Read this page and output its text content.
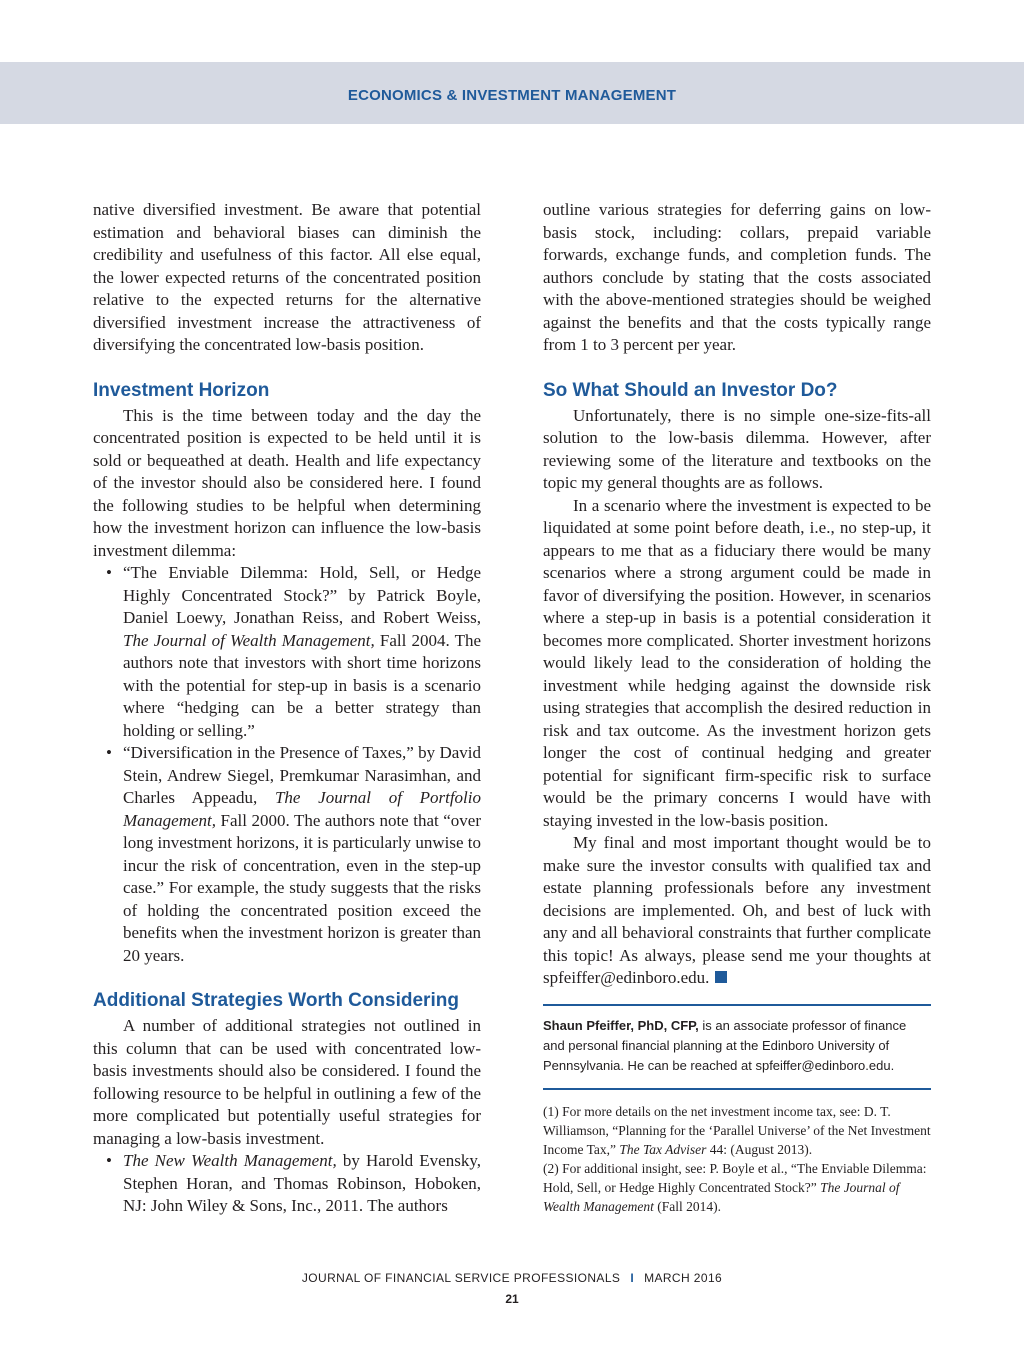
ECONOMICS & INVESTMENT MANAGEMENT

native diversified investment. Be aware that potential estimation and behavioral biases can diminish the credibility and usefulness of this factor. All else equal, the lower expected returns of the concentrated position relative to the expected returns for the alternative diversified investment increase the attractiveness of diversifying the concentrated low-basis position.

Investment Horizon

This is the time between today and the day the concentrated position is expected to be held until it is sold or bequeathed at death. Health and life expectancy of the investor should also be considered here. I found the following studies to be helpful when determining how the investment horizon can influence the low-basis investment dilemma:

• “The Enviable Dilemma: Hold, Sell, or Hedge Highly Concentrated Stock?” by Patrick Boyle, Daniel Loewy, Jonathan Reiss, and Robert Weiss, The Journal of Wealth Management, Fall 2004. The authors note that investors with short time horizons with the potential for step-up in basis is a scenario where “hedging can be a better strategy than holding or selling.”
• “Diversification in the Presence of Taxes,” by David Stein, Andrew Siegel, Premkumar Narasimhan, and Charles Appeadu, The Journal of Portfolio Management, Fall 2000. The authors note that “over long investment horizons, it is particularly unwise to incur the risk of concentration, even in the step-up case.” For example, the study suggests that the risks of holding the concentrated position exceed the benefits when the investment horizon is greater than 20 years.
Additional Strategies Worth Considering

A number of additional strategies not outlined in this column that can be used with concentrated low-basis investments should also be considered. I found the following resource to be helpful in outlining a few of the more complicated but potentially useful strategies for managing a low-basis investment.

• The New Wealth Management, by Harold Evensky, Stephen Horan, and Thomas Robinson, Hoboken, NJ: John Wiley & Sons, Inc., 2011. The authors

outline various strategies for deferring gains on low-basis stock, including: collars, prepaid variable forwards, exchange funds, and completion funds. The authors conclude by stating that the costs associated with the above-mentioned strategies should be weighed against the benefits and that the costs typically range from 1 to 3 percent per year.

So What Should an Investor Do?

Unfortunately, there is no simple one-size-fits-all solution to the low-basis dilemma. However, after reviewing some of the literature and textbooks on the topic my general thoughts are as follows.

In a scenario where the investment is expected to be liquidated at some point before death, i.e., no step-up, it appears to me that as a fiduciary there would be many scenarios where a strong argument could be made in favor of diversifying the position. However, in scenarios where a step-up in basis is a potential consideration it becomes more complicated. Shorter investment horizons would likely lead to the consideration of holding the investment while hedging against the downside risk using strategies that accomplish the desired reduction in risk and tax outcome. As the investment horizon gets longer the cost of continual hedging and greater potential for significant firm-specific risk to surface would be the primary concerns I would have with staying invested in the low-basis position.

My final and most important thought would be to make sure the investor consults with qualified tax and estate planning professionals before any investment decisions are implemented. Oh, and best of luck with any and all behavioral constraints that further complicate this topic! As always, please send me your thoughts at spfeiffer@edinboro.edu.

Shaun Pfeiffer, PhD, CFP, is an associate professor of finance and personal financial planning at the Edinboro University of Pennsylvania. He can be reached at spfeiffer@edinboro.edu.

(1) For more details on the net investment income tax, see: D. T. Williamson, “Planning for the ‘Parallel Universe’ of the Net Investment Income Tax,” The Tax Adviser 44: (August 2013).

(2) For additional insight, see: P. Boyle et al., “The Enviable Dilemma: Hold, Sell, or Hedge Highly Concentrated Stock?” The Journal of Wealth Management (Fall 2014).

JOURNAL OF FINANCIAL SERVICE PROFESSIONALS I MARCH 2016
21
